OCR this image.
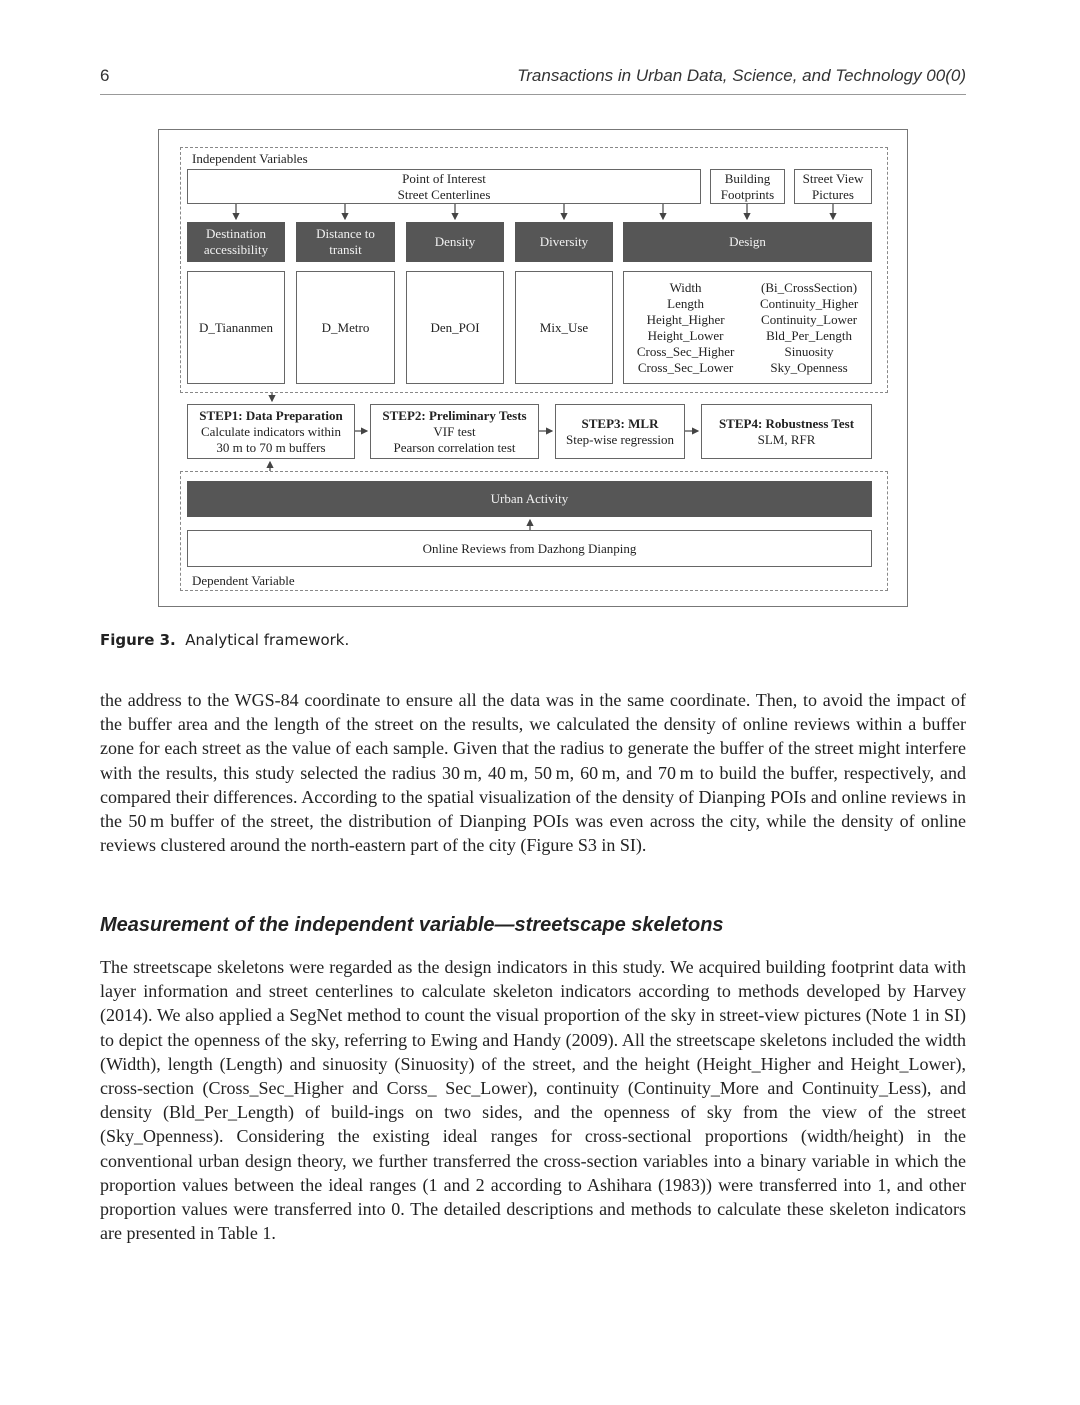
6	Transactions in Urban Data, Science, and Technology 00(0)
Independent Variables
Point of Interest
Street Centerlines
Building
Footprints
Street View
Pictures
Destination
accessibility
Distance to
transit
Density	Diversity	Design
D_Tiananmen	D_Metro	Den_POI	Mix_Use
Width
Length
Height_Higher
Height_Lower
Cross_Sec_Higher
Cross_Sec_Lower
(Bi_CrossSection)
Continuity_Higher
Continuity_Lower
Bld_Per_Length
Sinuosity
Sky_Openness
STEP1: Data Preparation
Calculate indicators within
30 m to 70 m buffers
STEP2: Preliminary Tests
VIF test
Pearson correlation test
STEP3: MLR
Step-wise regression
STEP4: Robustness Test
SLM, RFR
Urban Activity
Online Reviews from Dazhong Dianping
Dependent Variable
Figure 3. Analytical framework.

the address to the WGS-84 coordinate to ensure all the data was in the same coordinate. Then, to avoid the impact of the buffer area and the length of the street on the results, we calculated the density of online reviews within a buffer zone for each street as the value of each sample. Given that the radius to generate the buffer of the street might interfere with the results, this study selected the radius 30 m, 40 m, 50 m, 60 m, and 70 m to build the buffer, respectively, and compared their differences. According to the spatial visualization of the density of Dianping POIs and online reviews in the 50 m buffer of the street, the distribution of Dianping POIs was even across the city, while the density of online reviews clustered around the north-eastern part of the city (Figure S3 in SI).

Measurement of the independent variable—streetscape skeletons

The streetscape skeletons were regarded as the design indicators in this study. We acquired building footprint data with layer information and street centerlines to calculate skeleton indicators according to methods developed by Harvey (2014). We also applied a SegNet method to count the visual proportion of the sky in street-view pictures (Note 1 in SI) to depict the openness of the sky, referring to Ewing and Handy (2009). All the streetscape skeletons included the width (Width), length (Length) and sinuosity (Sinuosity) of the street, and the height (Height_Higher and Height_Lower), cross-section (Cross_Sec_Higher and Corss_ Sec_Lower), continuity (Continuity_More and Continuity_Less), and density (Bld_Per_Length) of build-ings on two sides, and the openness of sky from the view of the street (Sky_Openness). Considering the existing ideal ranges for cross-sectional proportions (width/height) in the conventional urban design theory, we further transferred the cross-section variables into a binary variable in which the proportion values between the ideal ranges (1 and 2 according to Ashihara (1983)) were transferred into 1, and other proportion values were transferred into 0. The detailed descriptions and methods to calculate these skeleton indicators are presented in Table 1.
